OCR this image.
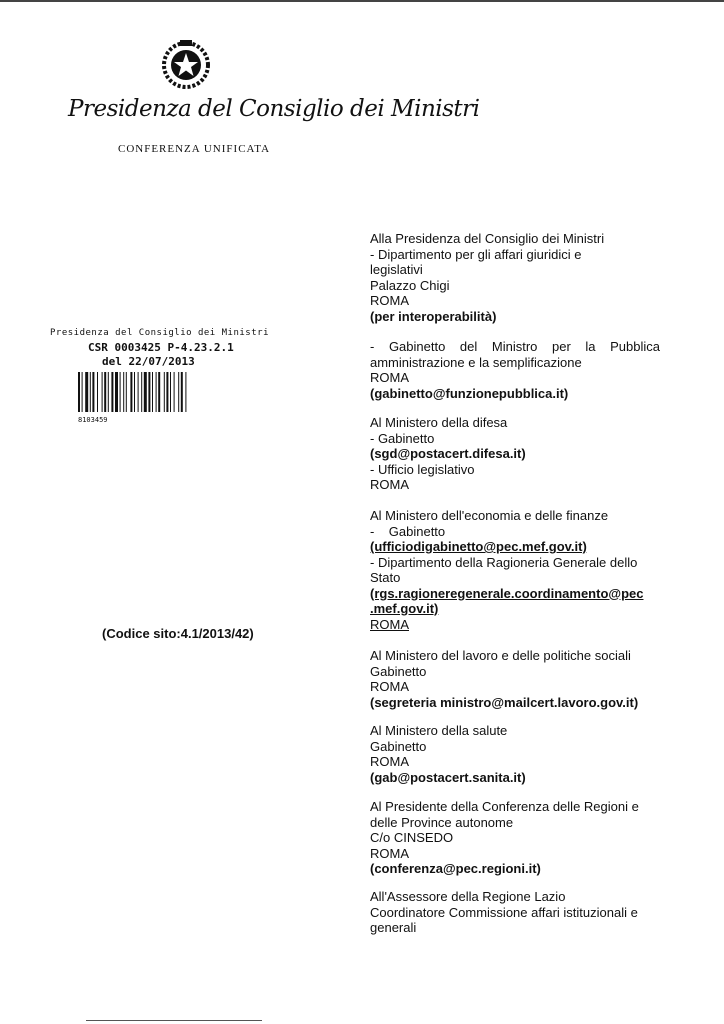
Presidenza del Consiglio dei Ministri
CONFERENZA UNIFICATA
Presidenza del Consiglio dei Ministri
CSR 0003425 P-4.23.2.1
del 22/07/2013
8103459
(Codice sito:4.1/2013/42)
Alla Presidenza del Consiglio dei Ministri
- Dipartimento per gli affari giuridici e
legislativi
Palazzo Chigi
ROMA
(per interoperabilità)
- Gabinetto del Ministro per la Pubblica
amministrazione e la semplificazione
ROMA
(gabinetto@funzionepubblica.it)
Al Ministero della difesa
- Gabinetto
(sgd@postacert.difesa.it)
- Ufficio legislativo
ROMA
Al Ministero dell'economia e delle finanze
-    Gabinetto
(ufficiodigabinetto@pec.mef.gov.it)
- Dipartimento della Ragioneria Generale dello
Stato
(rgs.ragioneregenerale.coordinamento@pec
.mef.gov.it)
ROMA
Al Ministero del lavoro e delle politiche sociali
Gabinetto
ROMA
(segreteria ministro@mailcert.lavoro.gov.it)
Al Ministero della salute
Gabinetto
ROMA
(gab@postacert.sanita.it)
Al Presidente della Conferenza delle Regioni e
delle Province autonome
C/o CINSEDO
ROMA
(conferenza@pec.regioni.it)
All'Assessore della Regione Lazio
Coordinatore Commissione affari istituzionali e
generali
